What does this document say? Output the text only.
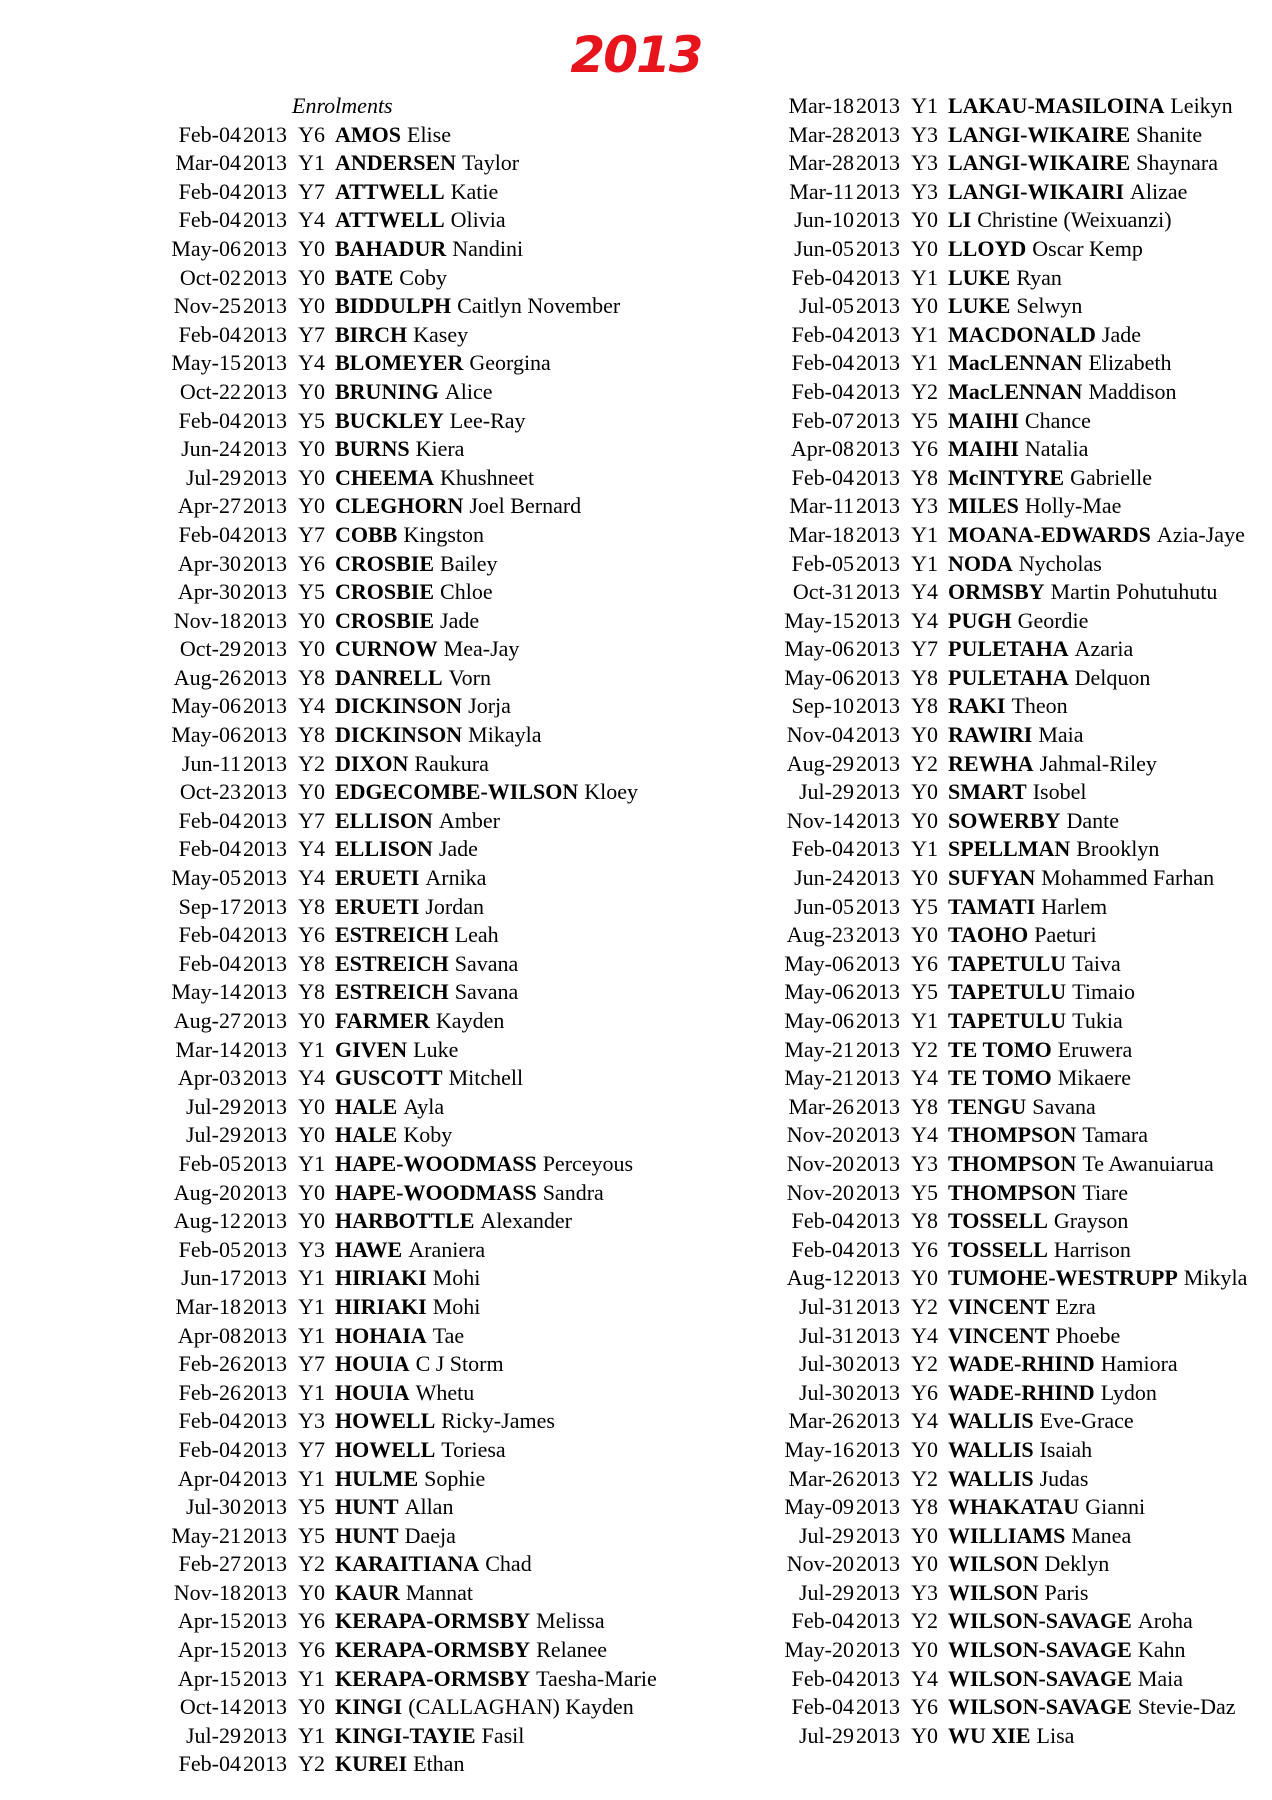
2013
Enrolments
Feb-04 2013 Y6 AMOS Elise
Mar-04 2013 Y1 ANDERSEN Taylor
Feb-04 2013 Y7 ATTWELL Katie
Feb-04 2013 Y4 ATTWELL Olivia
May-06 2013 Y0 BAHADUR Nandini
Oct-02 2013 Y0 BATE Coby
Nov-25 2013 Y0 BIDDULPH Caitlyn November
Feb-04 2013 Y7 BIRCH Kasey
May-15 2013 Y4 BLOMEYER Georgina
Oct-22 2013 Y0 BRUNING Alice
Feb-04 2013 Y5 BUCKLEY Lee-Ray
Jun-24 2013 Y0 BURNS Kiera
Jul-29 2013 Y0 CHEEMA Khushneet
Apr-27 2013 Y0 CLEGHORN Joel Bernard
Feb-04 2013 Y7 COBB Kingston
Apr-30 2013 Y6 CROSBIE Bailey
Apr-30 2013 Y5 CROSBIE Chloe
Nov-18 2013 Y0 CROSBIE Jade
Oct-29 2013 Y0 CURNOW Mea-Jay
Aug-26 2013 Y8 DANRELL Vorn
May-06 2013 Y4 DICKINSON Jorja
May-06 2013 Y8 DICKINSON Mikayla
Jun-11 2013 Y2 DIXON Raukura
Oct-23 2013 Y0 EDGECOMBE-WILSON Kloey
Feb-04 2013 Y7 ELLISON Amber
Feb-04 2013 Y4 ELLISON Jade
May-05 2013 Y4 ERUETI Arnika
Sep-17 2013 Y8 ERUETI Jordan
Feb-04 2013 Y6 ESTREICH Leah
Feb-04 2013 Y8 ESTREICH Savana
May-14 2013 Y8 ESTREICH Savana
Aug-27 2013 Y0 FARMER Kayden
Mar-14 2013 Y1 GIVEN Luke
Apr-03 2013 Y4 GUSCOTT Mitchell
Jul-29 2013 Y0 HALE Ayla
Jul-29 2013 Y0 HALE Koby
Feb-05 2013 Y1 HAPE-WOODMASS Perceyous
Aug-20 2013 Y0 HAPE-WOODMASS Sandra
Aug-12 2013 Y0 HARBOTTLE Alexander
Feb-05 2013 Y3 HAWE Araniera
Jun-17 2013 Y1 HIRIAKI Mohi
Mar-18 2013 Y1 HIRIAKI Mohi
Apr-08 2013 Y1 HOHAIA Tae
Feb-26 2013 Y7 HOUIA C J Storm
Feb-26 2013 Y1 HOUIA Whetu
Feb-04 2013 Y3 HOWELL Ricky-James
Feb-04 2013 Y7 HOWELL Toriesa
Apr-04 2013 Y1 HULME Sophie
Jul-30 2013 Y5 HUNT Allan
May-21 2013 Y5 HUNT Daeja
Feb-27 2013 Y2 KARAITIANA Chad
Nov-18 2013 Y0 KAUR Mannat
Apr-15 2013 Y6 KERAPA-ORMSBY Melissa
Apr-15 2013 Y6 KERAPA-ORMSBY Relanee
Apr-15 2013 Y1 KERAPA-ORMSBY Taesha-Marie
Oct-14 2013 Y0 KINGI (CALLAGHAN) Kayden
Jul-29 2013 Y1 KINGI-TAYIE Fasil
Feb-04 2013 Y2 KUREI Ethan
Mar-18 2013 Y1 LAKAU-MASILOINA Leikyn
Mar-28 2013 Y3 LANGI-WIKAIRE Shanite
Mar-28 2013 Y3 LANGI-WIKAIRE Shaynara
Mar-11 2013 Y3 LANGI-WIKAIRI Alizae
Jun-10 2013 Y0 LI Christine (Weixuanzi)
Jun-05 2013 Y0 LLOYD Oscar Kemp
Feb-04 2013 Y1 LUKE Ryan
Jul-05 2013 Y0 LUKE Selwyn
Feb-04 2013 Y1 MACDONALD Jade
Feb-04 2013 Y1 MacLENNAN Elizabeth
Feb-04 2013 Y2 MacLENNAN Maddison
Feb-07 2013 Y5 MAIHI Chance
Apr-08 2013 Y6 MAIHI Natalia
Feb-04 2013 Y8 McINTYRE Gabrielle
Mar-11 2013 Y3 MILES Holly-Mae
Mar-18 2013 Y1 MOANA-EDWARDS Azia-Jaye
Feb-05 2013 Y1 NODA Nycholas
Oct-31 2013 Y4 ORMSBY Martin Pohutuhutu
May-15 2013 Y4 PUGH Geordie
May-06 2013 Y7 PULETAHA Azaria
May-06 2013 Y8 PULETAHA Delquon
Sep-10 2013 Y8 RAKI Theon
Nov-04 2013 Y0 RAWIRI Maia
Aug-29 2013 Y2 REWHA Jahmal-Riley
Jul-29 2013 Y0 SMART Isobel
Nov-14 2013 Y0 SOWERBY Dante
Feb-04 2013 Y1 SPELLMAN Brooklyn
Jun-24 2013 Y0 SUFYAN Mohammed Farhan
Jun-05 2013 Y5 TAMATI Harlem
Aug-23 2013 Y0 TAOHO Paeturi
May-06 2013 Y6 TAPETULU Taiva
May-06 2013 Y5 TAPETULU Timaio
May-06 2013 Y1 TAPETULU Tukia
May-21 2013 Y2 TE TOMO Eruwera
May-21 2013 Y4 TE TOMO Mikaere
Mar-26 2013 Y8 TENGU Savana
Nov-20 2013 Y4 THOMPSON Tamara
Nov-20 2013 Y3 THOMPSON Te Awanuiarua
Nov-20 2013 Y5 THOMPSON Tiare
Feb-04 2013 Y8 TOSSELL Grayson
Feb-04 2013 Y6 TOSSELL Harrison
Aug-12 2013 Y0 TUMOHE-WESTRUPP Mikyla
Jul-31 2013 Y2 VINCENT Ezra
Jul-31 2013 Y4 VINCENT Phoebe
Jul-30 2013 Y2 WADE-RHIND Hamiora
Jul-30 2013 Y6 WADE-RHIND Lydon
Mar-26 2013 Y4 WALLIS Eve-Grace
May-16 2013 Y0 WALLIS Isaiah
Mar-26 2013 Y2 WALLIS Judas
May-09 2013 Y8 WHAKATAU Gianni
Jul-29 2013 Y0 WILLIAMS Manea
Nov-20 2013 Y0 WILSON Deklyn
Jul-29 2013 Y3 WILSON Paris
Feb-04 2013 Y2 WILSON-SAVAGE Aroha
May-20 2013 Y0 WILSON-SAVAGE Kahn
Feb-04 2013 Y4 WILSON-SAVAGE Maia
Feb-04 2013 Y6 WILSON-SAVAGE Stevie-Daz
Jul-29 2013 Y0 WU XIE Lisa
